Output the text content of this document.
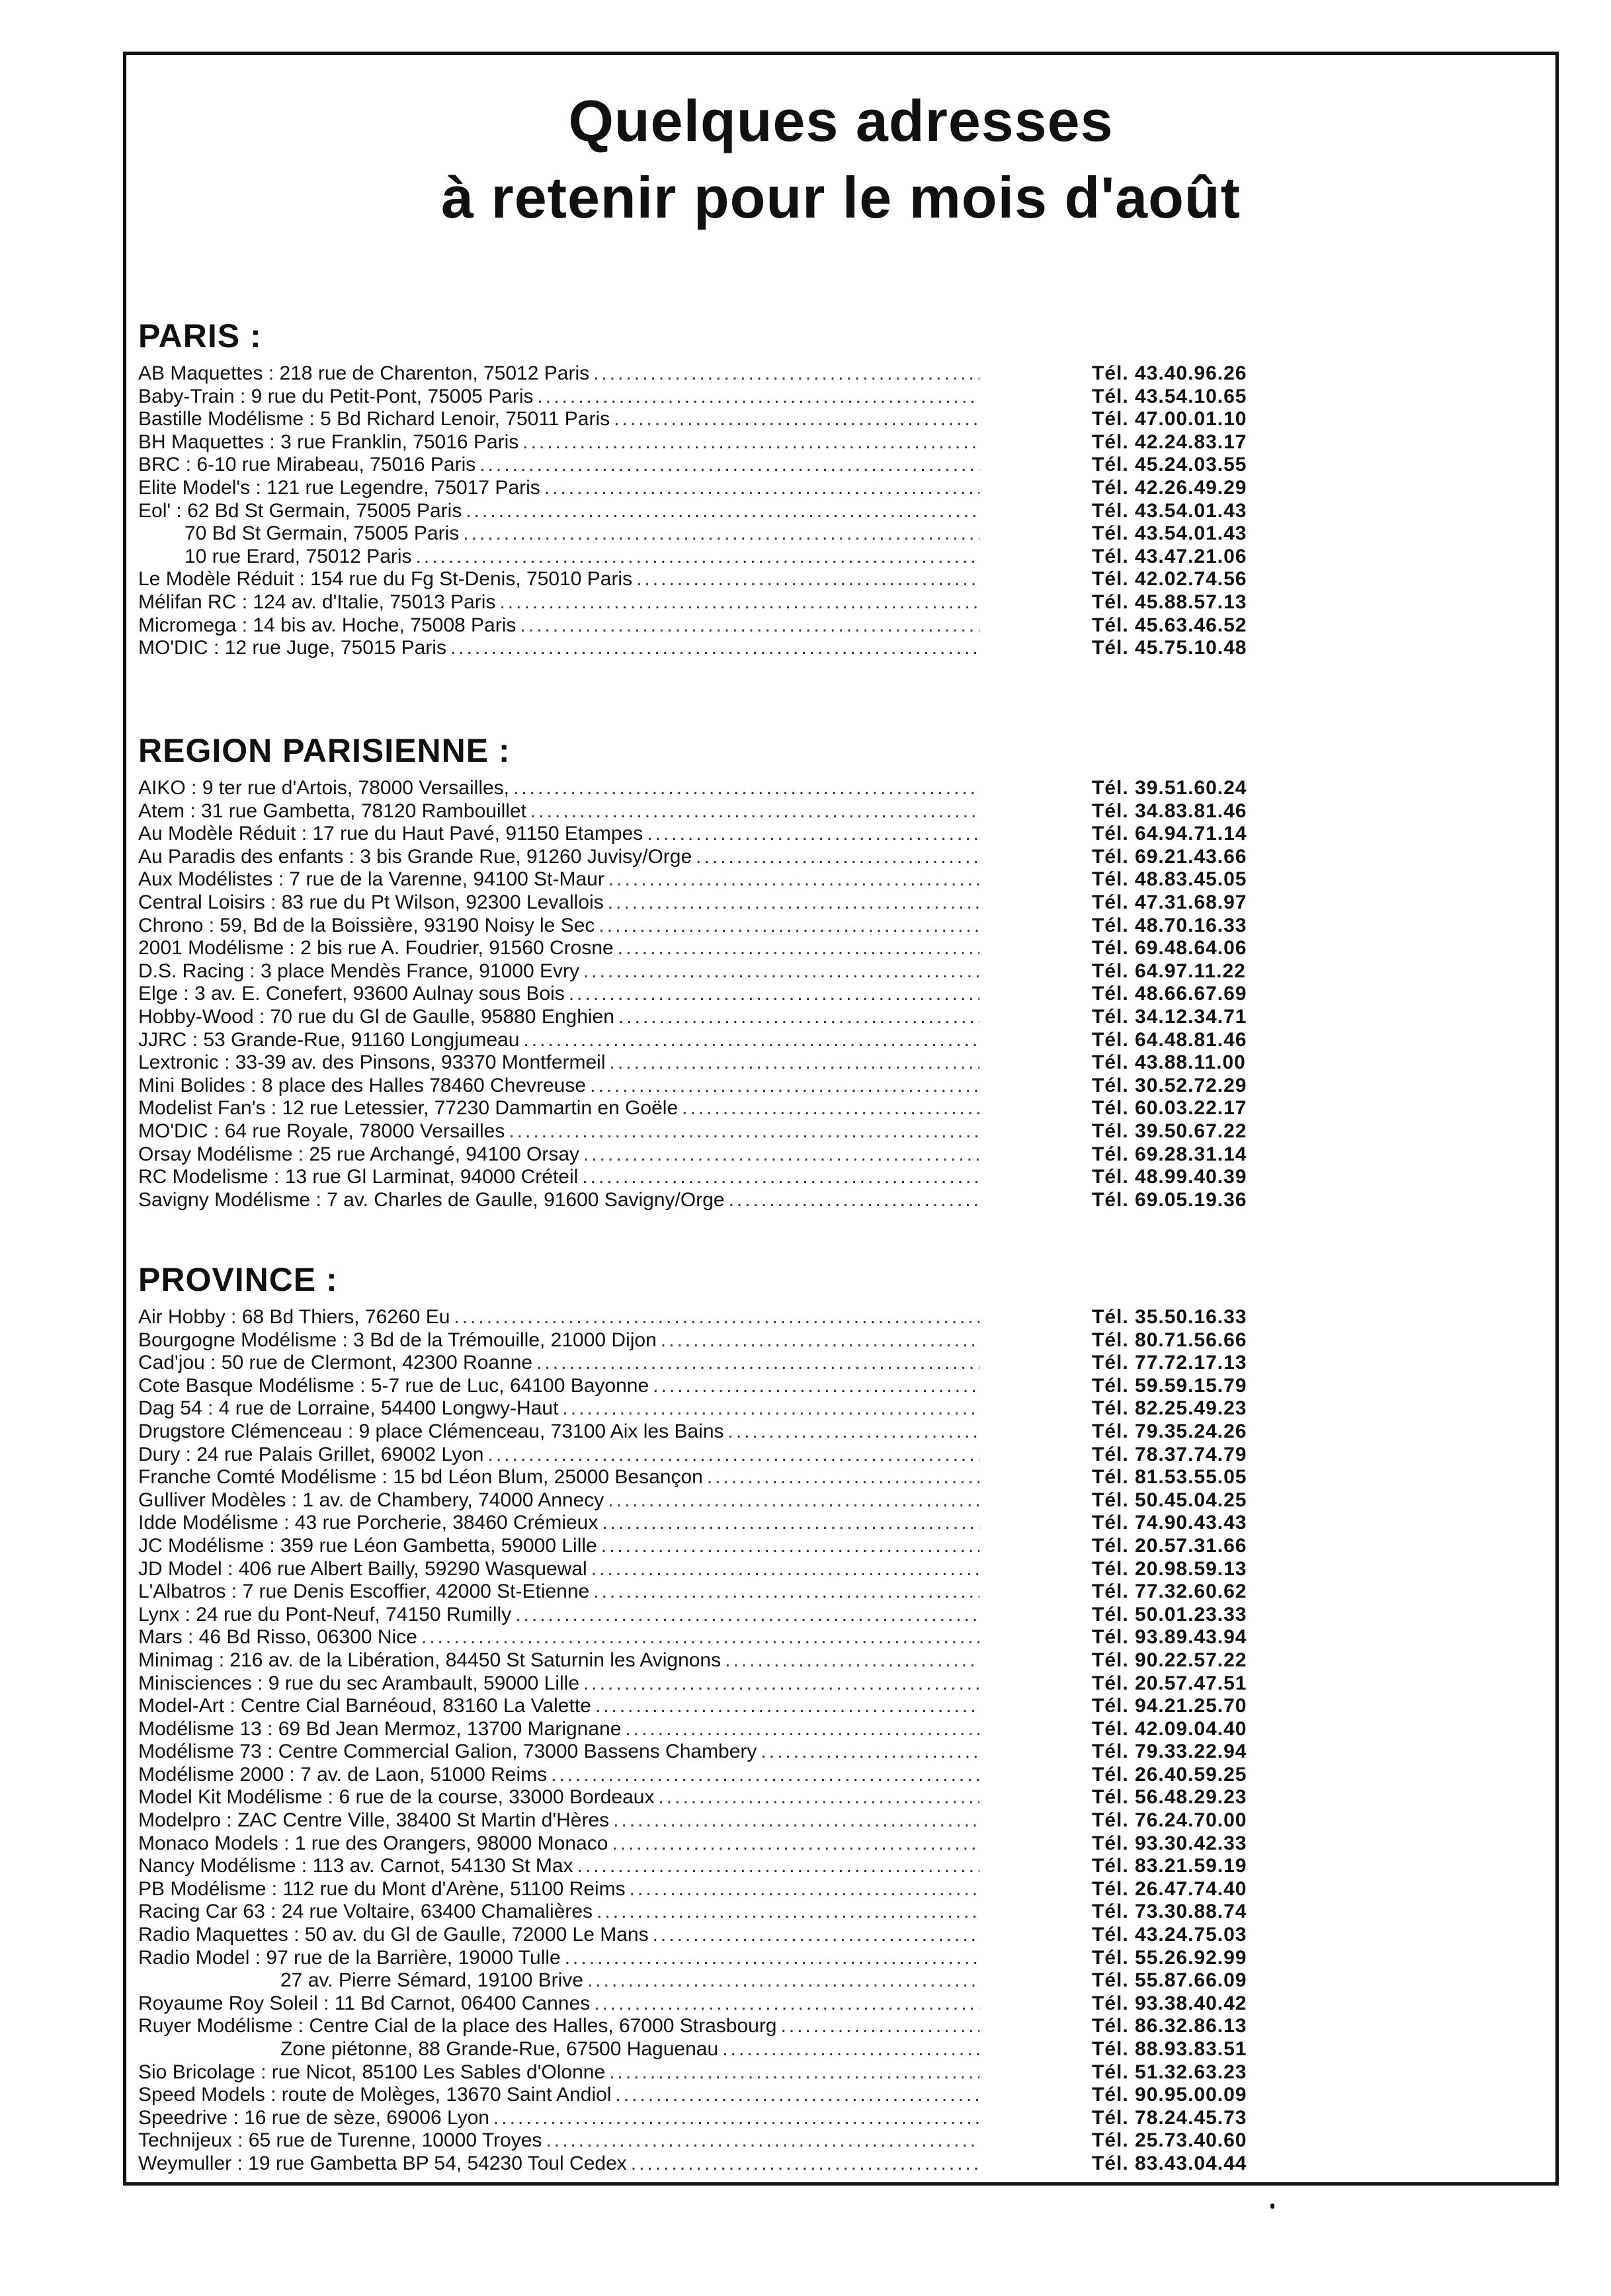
Quelques adresses
à retenir pour le mois d'août
PARIS :
AB Maquettes : 218 rue de Charenton, 75012 Paris .....	Tél. 43.40.96.26
Baby-Train : 9 rue du Petit-Pont, 75005 Paris .....	Tél. 43.54.10.65
Bastille Modélisme : 5 Bd Richard Lenoir, 75011 Paris .....	Tél. 47.00.01.10
BH Maquettes : 3 rue Franklin, 75016 Paris .....	Tél. 42.24.83.17
BRC : 6-10 rue Mirabeau, 75016 Paris .....	Tél. 45.24.03.55
Elite Model's : 121 rue Legendre, 75017 Paris .....	Tél. 42.26.49.29
Eol' : 62 Bd St Germain, 75005 Paris .....	Tél. 43.54.01.43
70 Bd St Germain, 75005 Paris .....	Tél. 43.54.01.43
10 rue Erard, 75012 Paris .....	Tél. 43.47.21.06
Le Modèle Réduit : 154 rue du Fg St-Denis, 75010 Paris .....	Tél. 42.02.74.56
Mélifan RC : 124 av. d'Italie, 75013 Paris .....	Tél. 45.88.57.13
Micromega : 14 bis av. Hoche, 75008 Paris .....	Tél. 45.63.46.52
MO'DIC : 12 rue Juge, 75015 Paris .....	Tél. 45.75.10.48
REGION PARISIENNE :
AIKO : 9 ter rue d'Artois, 78000 Versailles, .....	Tél. 39.51.60.24
Atem : 31 rue Gambetta, 78120 Rambouillet .....	Tél. 34.83.81.46
Au Modèle Réduit : 17 rue du Haut Pavé, 91150 Etampes .....	Tél. 64.94.71.14
Au Paradis des enfants : 3 bis Grande Rue, 91260 Juvisy/Orge .....	Tél. 69.21.43.66
Aux Modélistes : 7 rue de la Varenne, 94100 St-Maur .....	Tél. 48.83.45.05
Central Loisirs : 83 rue du Pt Wilson, 92300 Levallois .....	Tél. 47.31.68.97
Chrono : 59, Bd de la Boissière, 93190 Noisy le Sec .....	Tél. 48.70.16.33
2001 Modélisme : 2 bis rue A. Foudrier, 91560 Crosne .....	Tél. 69.48.64.06
D.S. Racing : 3 place Mendès France, 91000 Evry .....	Tél. 64.97.11.22
Elge : 3 av. E. Conefert, 93600 Aulnay sous Bois .....	Tél. 48.66.67.69
Hobby-Wood : 70 rue du Gl de Gaulle, 95880 Enghien .....	Tél. 34.12.34.71
JJRC : 53 Grande-Rue, 91160 Longjumeau .....	Tél. 64.48.81.46
Lextronic : 33-39 av. des Pinsons, 93370 Montfermeil .....	Tél. 43.88.11.00
Mini Bolides : 8 place des Halles 78460 Chevreuse .....	Tél. 30.52.72.29
Modelist Fan's : 12 rue Letessier, 77230 Dammartin en Goële .....	Tél. 60.03.22.17
MO'DIC : 64 rue Royale, 78000 Versailles .....	Tél. 39.50.67.22
Orsay Modélisme : 25 rue Archangé, 94100 Orsay .....	Tél. 69.28.31.14
RC Modelisme : 13 rue Gl Larminat, 94000 Créteil .....	Tél. 48.99.40.39
Savigny Modélisme : 7 av. Charles de Gaulle, 91600 Savigny/Orge .....	Tél. 69.05.19.36
PROVINCE :
Air Hobby : 68 Bd Thiers, 76260 Eu .....	Tél. 35.50.16.33
Bourgogne Modélisme : 3 Bd de la Trémouille, 21000 Dijon .....	Tél. 80.71.56.66
Cad'jou : 50 rue de Clermont, 42300 Roanne .....	Tél. 77.72.17.13
Cote Basque Modélisme : 5-7 rue de Luc, 64100 Bayonne .....	Tél. 59.59.15.79
Dag 54 : 4 rue de Lorraine, 54400 Longwy-Haut .....	Tél. 82.25.49.23
Drugstore Clémenceau : 9 place Clémenceau, 73100 Aix les Bains .....	Tél. 79.35.24.26
Dury : 24 rue Palais Grillet, 69002 Lyon .....	Tél. 78.37.74.79
Franche Comté Modélisme : 15 bd Léon Blum, 25000 Besançon .....	Tél. 81.53.55.05
Gulliver Modèles : 1 av. de Chambery, 74000 Annecy .....	Tél. 50.45.04.25
Idde Modélisme : 43 rue Porcherie, 38460 Crémieux .....	Tél. 74.90.43.43
JC Modélisme : 359 rue Léon Gambetta, 59000 Lille .....	Tél. 20.57.31.66
JD Model : 406 rue Albert Bailly, 59290 Wasquewal .....	Tél. 20.98.59.13
L'Albatros : 7 rue Denis Escoffier, 42000 St-Etienne .....	Tél. 77.32.60.62
Lynx : 24 rue du Pont-Neuf, 74150 Rumilly .....	Tél. 50.01.23.33
Mars : 46 Bd Risso, 06300 Nice .....	Tél. 93.89.43.94
Minimag : 216 av. de la Libération, 84450 St Saturnin les Avignons .....	Tél. 90.22.57.22
Minisciences : 9 rue du sec Arambault, 59000 Lille .....	Tél. 20.57.47.51
Model-Art : Centre Cial Barnéoud, 83160 La Valette .....	Tél. 94.21.25.70
Modélisme 13 : 69 Bd Jean Mermoz, 13700 Marignane .....	Tél. 42.09.04.40
Modélisme 73 : Centre Commercial Galion, 73000 Bassens Chambery .....	Tél. 79.33.22.94
Modélisme 2000 : 7 av. de Laon, 51000 Reims .....	Tél. 26.40.59.25
Model Kit Modélisme : 6 rue de la course, 33000 Bordeaux .....	Tél. 56.48.29.23
Modelpro : ZAC Centre Ville, 38400 St Martin d'Hères .....	Tél. 76.24.70.00
Monaco Models : 1 rue des Orangers, 98000 Monaco .....	Tél. 93.30.42.33
Nancy Modélisme : 113 av. Carnot, 54130 St Max .....	Tél. 83.21.59.19
PB Modélisme : 112 rue du Mont d'Arène, 51100 Reims .....	Tél. 26.47.74.40
Racing Car 63 : 24 rue Voltaire, 63400 Chamalières .....	Tél. 73.30.88.74
Radio Maquettes : 50 av. du Gl de Gaulle, 72000 Le Mans .....	Tél. 43.24.75.03
Radio Model : 97 rue de la Barrière, 19000 Tulle .....	Tél. 55.26.92.99
27 av. Pierre Sémard, 19100 Brive .....	Tél. 55.87.66.09
Royaume Roy Soleil : 11 Bd Carnot, 06400 Cannes .....	Tél. 93.38.40.42
Ruyer Modélisme : Centre Cial de la place des Halles, 67000 Strasbourg .....	Tél. 86.32.86.13
Zone piétonne, 88 Grande-Rue, 67500 Haguenau .....	Tél. 88.93.83.51
Sio Bricolage : rue Nicot, 85100 Les Sables d'Olonne .....	Tél. 51.32.63.23
Speed Models : route de Molèges, 13670 Saint Andiol .....	Tél. 90.95.00.09
Speedrive : 16 rue de sèze, 69006 Lyon .....	Tél. 78.24.45.73
Technijeux : 65 rue de Turenne, 10000 Troyes .....	Tél. 25.73.40.60
Weymuller : 19 rue Gambetta BP 54, 54230 Toul Cedex .....	Tél. 83.43.04.44
